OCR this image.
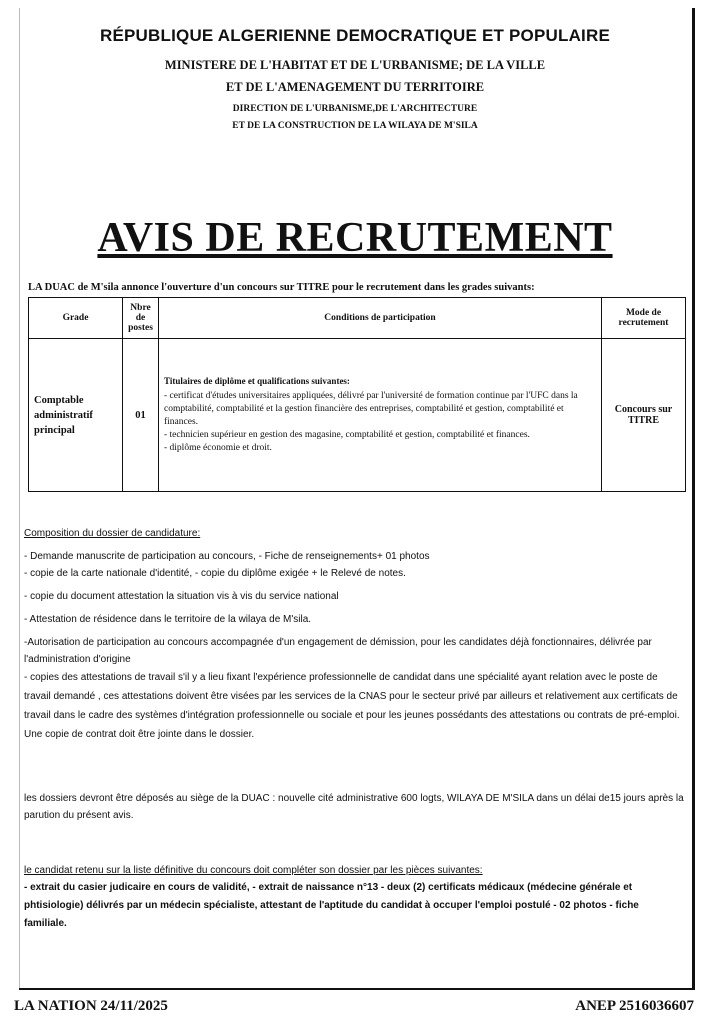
RÉPUBLIQUE ALGERIENNE DEMOCRATIQUE ET POPULAIRE

MINISTERE DE L'HABITAT ET DE L'URBANISME; DE LA VILLE

ET DE L'AMENAGEMENT DU TERRITOIRE

DIRECTION DE L'URBANISME,DE L'ARCHITECTURE

ET DE LA CONSTRUCTION DE LA WILAYA DE M'SILA

AVIS DE RECRUTEMENT
LA DUAC de M'sila annonce l'ouverture d'un concours sur TITRE pour le recrutement dans les grades suivants:
Grade	Nbre de postes	Conditions de participation	Mode de recrutement
Comptable administratif principal	01	Titulaires de diplôme et qualifications suivantes:
- certificat d'études universitaires appliquées, délivré par l'université de formation continue par l'UFC dans la comptabilité, comptabilité et la gestion financière des entreprises, comptabilité et gestion, comptabilité et finances.
- technicien supérieur en gestion des magasine, comptabilité et gestion, comptabilité et finances.
- diplôme économie et droit.	Concours sur TITRE
Composition du dossier de candidature:
- Demande manuscrite de participation au concours, - Fiche de renseignements+ 01 photos
- copie de la carte nationale d'identité, - copie du diplôme exigée + le Relevé de notes.
- copie du document attestation la situation vis à vis du service national
- Attestation de résidence dans le territoire de la wilaya de M'sila.
-Autorisation de participation au concours accompagnée d'un engagement de démission, pour les candidates déjà fonctionnaires, délivrée par l'administration d'origine
- copies des attestations de travail s'il y a lieu fixant l'expérience professionnelle de candidat dans une spécialité ayant relation avec le poste de travail demandé , ces attestations doivent être visées par les services de la CNAS pour le secteur privé par ailleurs et relativement aux certificats de travail dans le cadre des systèmes d'intégration professionnelle ou sociale et pour les jeunes possédants des attestations ou contrats de pré-emploi. Une copie de contrat doit être jointe dans le dossier.
les dossiers devront être déposés au siège de la DUAC : nouvelle cité administrative 600 logts, WILAYA DE M'SILA dans un délai de15 jours après la parution du présent avis.
le candidat retenu sur la liste définitive du concours doit compléter son dossier par les pièces suivantes:
- extrait du casier judicaire en cours de validité, - extrait de naissance n°13 - deux (2) certificats médicaux (médecine générale et phtisiologie) délivrés par un médecin spécialiste, attestant de l'aptitude du candidat à occuper l'emploi postulé - 02 photos - fiche familiale.
LA NATION 24/11/2025	ANEP 2516036607
